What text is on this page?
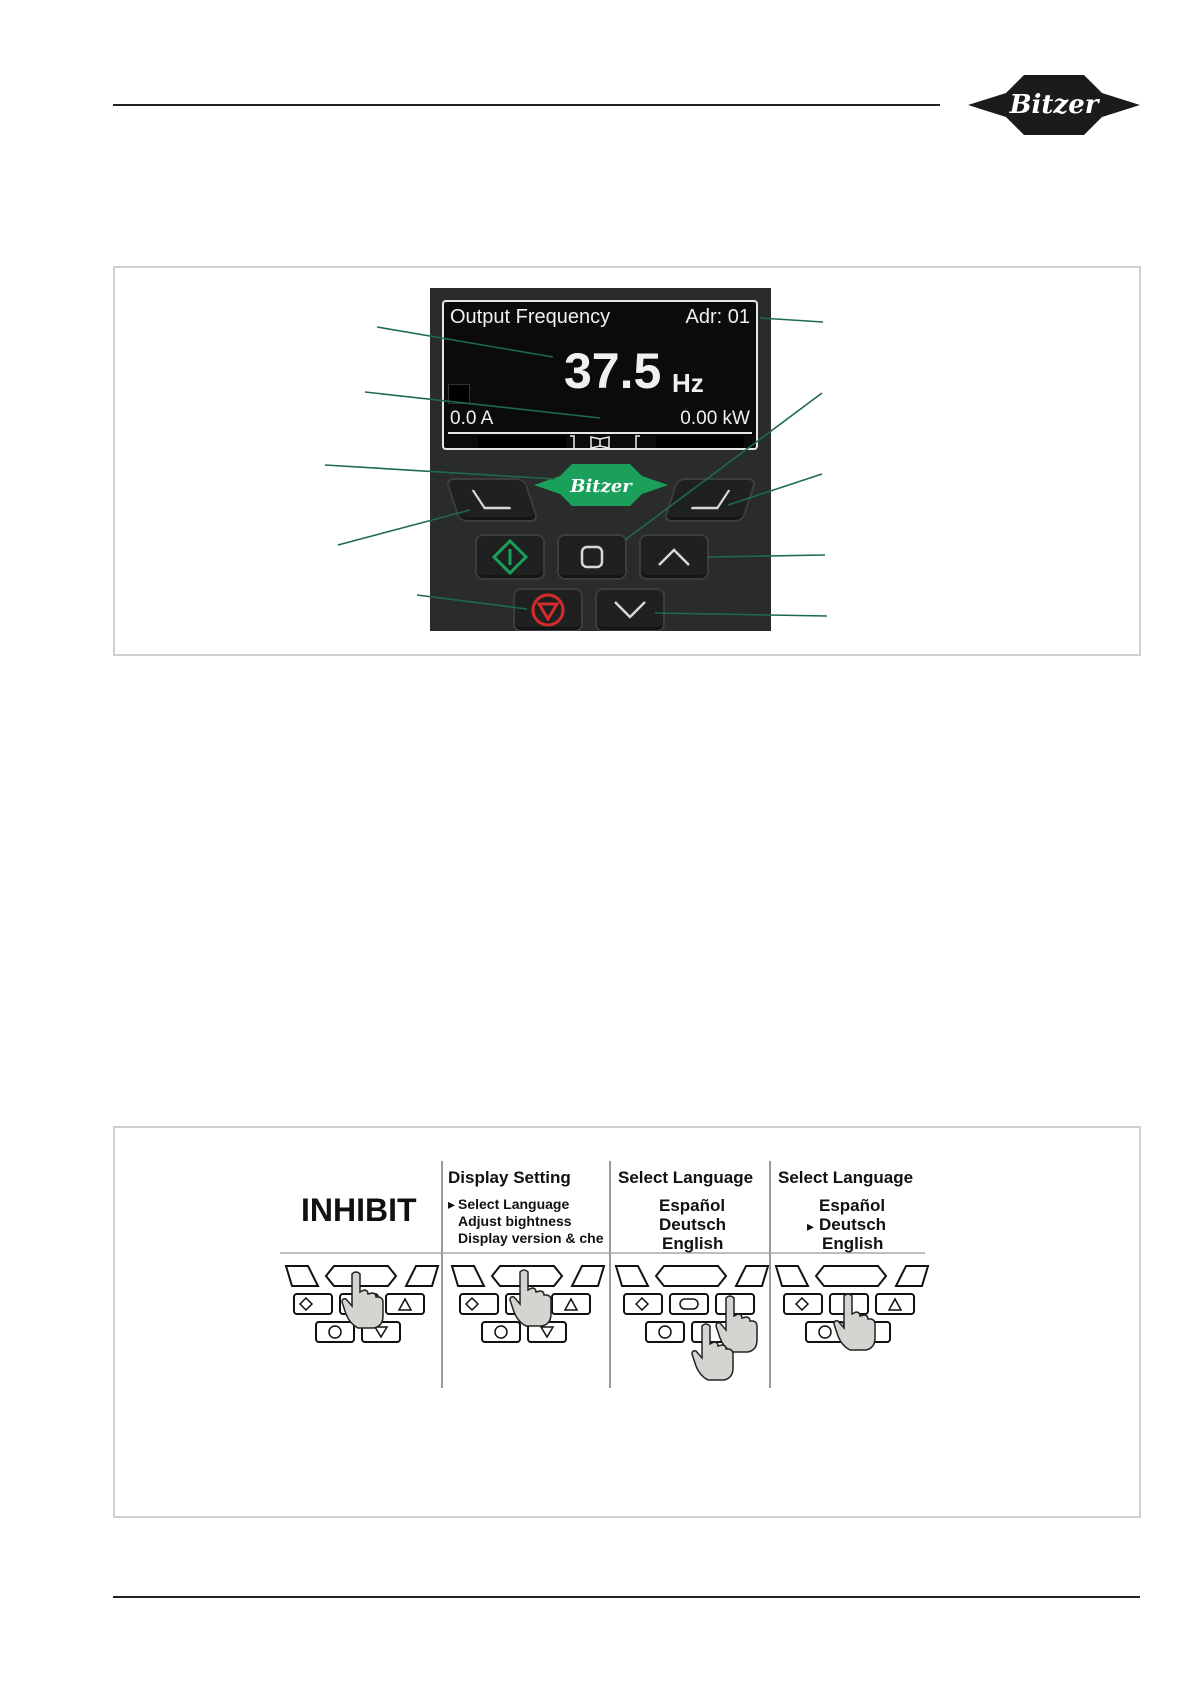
Bitzer
Output Frequency	Adr: 01
37.5 Hz
0.0 A	0.00 kW
Bitzer
INHIBIT
Display Setting
▸ Select Language
Adjust bightness
Display version & che
Select Language
Español
Deutsch
English
Select Language
Español
▸ Deutsch
English
